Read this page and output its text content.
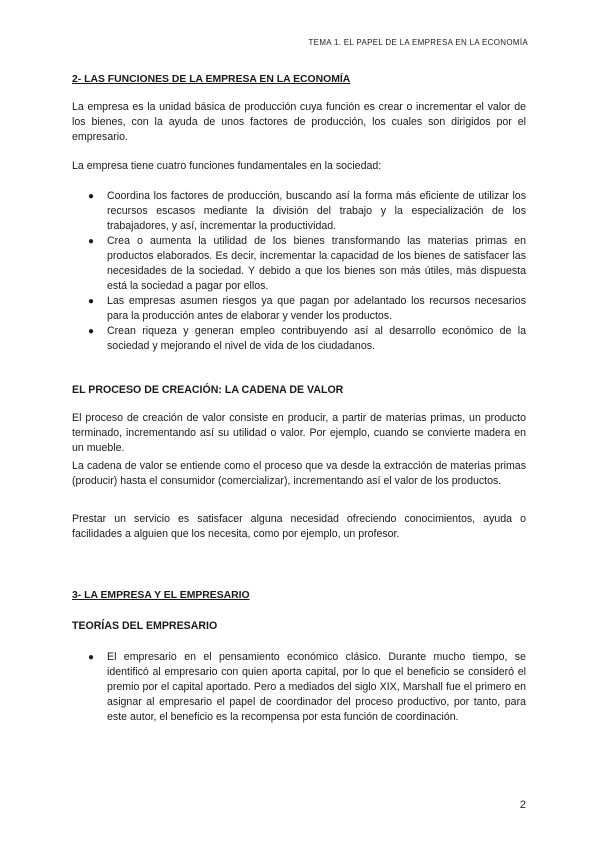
TEMA 1. EL PAPEL DE LA EMPRESA EN LA ECONOMÍA
2- LAS FUNCIONES DE LA EMPRESA EN LA ECONOMÍA

La empresa es la unidad básica de producción cuya función es crear o incrementar el valor de los bienes, con la ayuda de unos factores de producción, los cuales son dirigidos por el empresario.

La empresa tiene cuatro funciones fundamentales en la sociedad:

● Coordina los factores de producción, buscando así la forma más eficiente de utilizar los recursos escasos mediante la división del trabajo y la especialización de los trabajadores, y así, incrementar la productividad.
● Crea o aumenta la utilidad de los bienes transformando las materias primas en productos elaborados. Es decir, incrementar la capacidad de los bienes de satisfacer las necesidades de la sociedad. Y debido a que los bienes son más útiles, más dispuesta está la sociedad a pagar por ellos.
● Las empresas asumen riesgos ya que pagan por adelantado los recursos necesarios para la producción antes de elaborar y vender los productos.
● Crean riqueza y generan empleo contribuyendo así al desarrollo económico de la sociedad y mejorando el nivel de vida de los ciudadanos.
EL PROCESO DE CREACIÓN: LA CADENA DE VALOR

El proceso de creación de valor consiste en producir, a partir de materias primas, un producto terminado, incrementando así su utilidad o valor. Por ejemplo, cuando se convierte madera en un mueble.

La cadena de valor se entiende como el proceso que va desde la extracción de materias primas (producir) hasta el consumidor (comercializar), incrementando así el valor de los productos.

Prestar un servicio es satisfacer alguna necesidad ofreciendo conocimientos, ayuda o facilidades a alguien que los necesita, como por ejemplo, un profesor.

3- LA EMPRESA Y EL EMPRESARIO
TEORÍAS DEL EMPRESARIO
● El empresario en el pensamiento económico clásico. Durante mucho tiempo, se identificó al empresario con quien aporta capital, por lo que el beneficio se consideró el premio por el capital aportado. Pero a mediados del siglo XIX, Marshall fue el primero en asignar al empresario el papel de coordinador del proceso productivo, por tanto, para este autor, el beneficio es la recompensa por esta función de coordinación.
2
